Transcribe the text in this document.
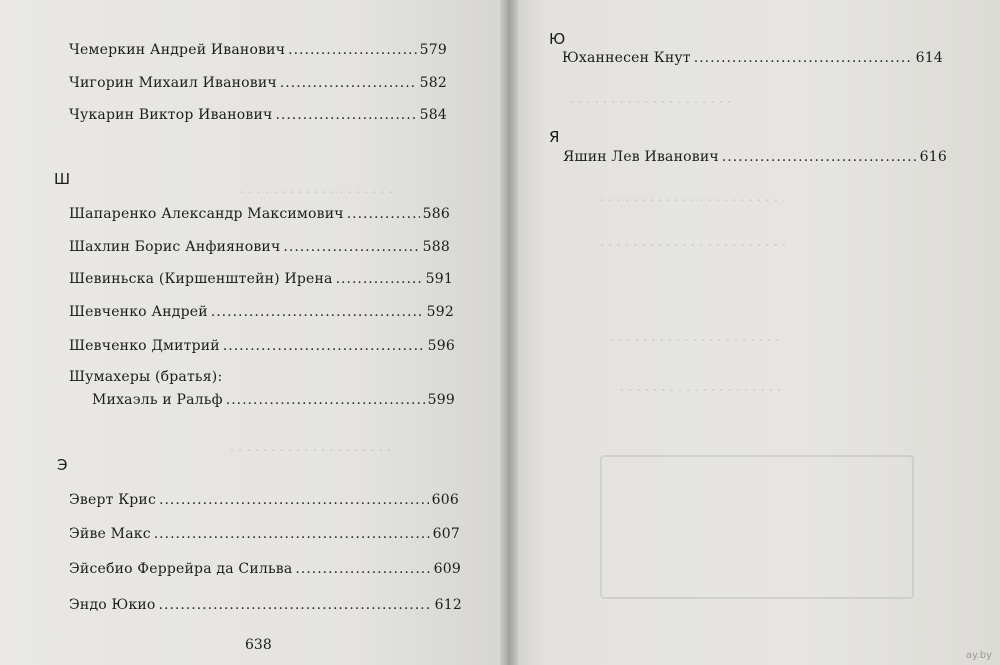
. . . . . . . . . . . . . . . . . . . .
. . . . . . . . . . . . . . . . . . . . . . .
. . . . . . . . . . . . . . . . . . . . . . .
. . . . . . . . . . . . . . . . . . . . .
. . . . . . . . . . . . . . . . . . . .
. . . . . . . . . . . . . . . . . . .
. . . . . . . . . . . . . . . . . . . .
Чемеркин Андрей Иванович .....	579
Чигорин Михаил Иванович .....	582
Чукарин Виктор Иванович .....	584
Ш
Шапаренко Александр Максимович .....	586
Шахлин Борис Анфиянович .....	588
Шевиньска (Киршенштейн) Ирена .....	591
Шевченко Андрей .....	592
Шевченко Дмитрий .....	596
Шумахеры (братья):
Михаэль и Ральф .....	599
Э
Эверт Крис .....	606
Эйве Макс .....	607
Эйсебио Феррейра да Сильва .....	609
Эндо Юкио .....	612
638
Ю
Юханнесен Кнут .....	614
Я
Яшин Лев Иванович .....	616
ay.by
